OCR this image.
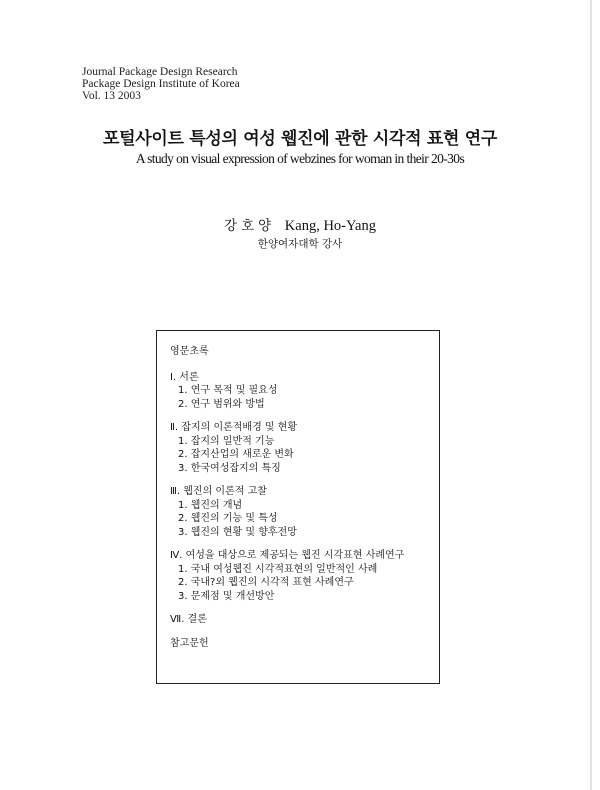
Journal Package Design Research
Package Design Institute of Korea
Vol. 13 2003
포털사이트 특성의 여성 웹진에 관한 시각적 표현 연구
A study on visual expression of webzines for woman in their 20-30s
강호양 Kang, Ho-Yang
한양여자대학 강사
영문초록
Ⅰ. 서론
1. 연구 목적 및 필요성
2. 연구 범위와 방법
Ⅱ. 잡지의 이론적배경 및 현황
1. 잡지의 일반적 기능
2. 잡지산업의 새로운 변화
3. 한국여성잡지의 특징
Ⅲ. 웹진의 이론적 고찰
1. 웹진의 개념
2. 웹진의 기능 및 특성
3. 웹진의 현황 및 향후전망
Ⅳ. 여성을 대상으로 제공되는 웹진 시각표현 사례연구
1. 국내 여성웹진 시각적표현의 일반적인 사례
2. 국내?외 웹진의 시각적 표현 사례연구
3. 문제점 및 개선방안
Ⅶ. 결론
참고문헌
